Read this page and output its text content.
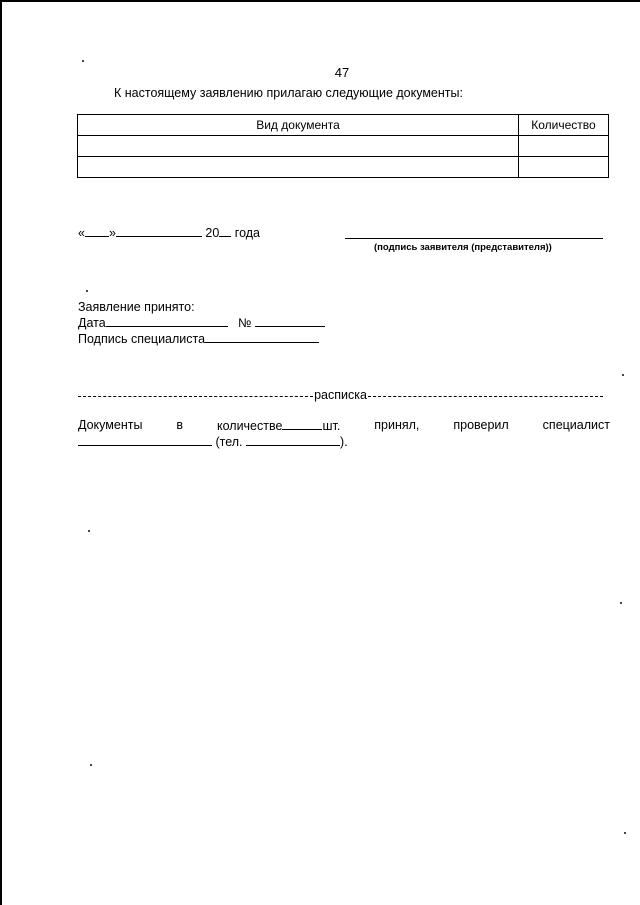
47
К настоящему заявлению прилагаю следующие документы:
Вид документа	Количество

« »	20 года
(подпись заявителя (представителя))
Заявление принято:
Дата	№
Подпись специалиста
расписка
Документы	в	количестве	шт.	принял,	проверил	специалист
(тел.	).
